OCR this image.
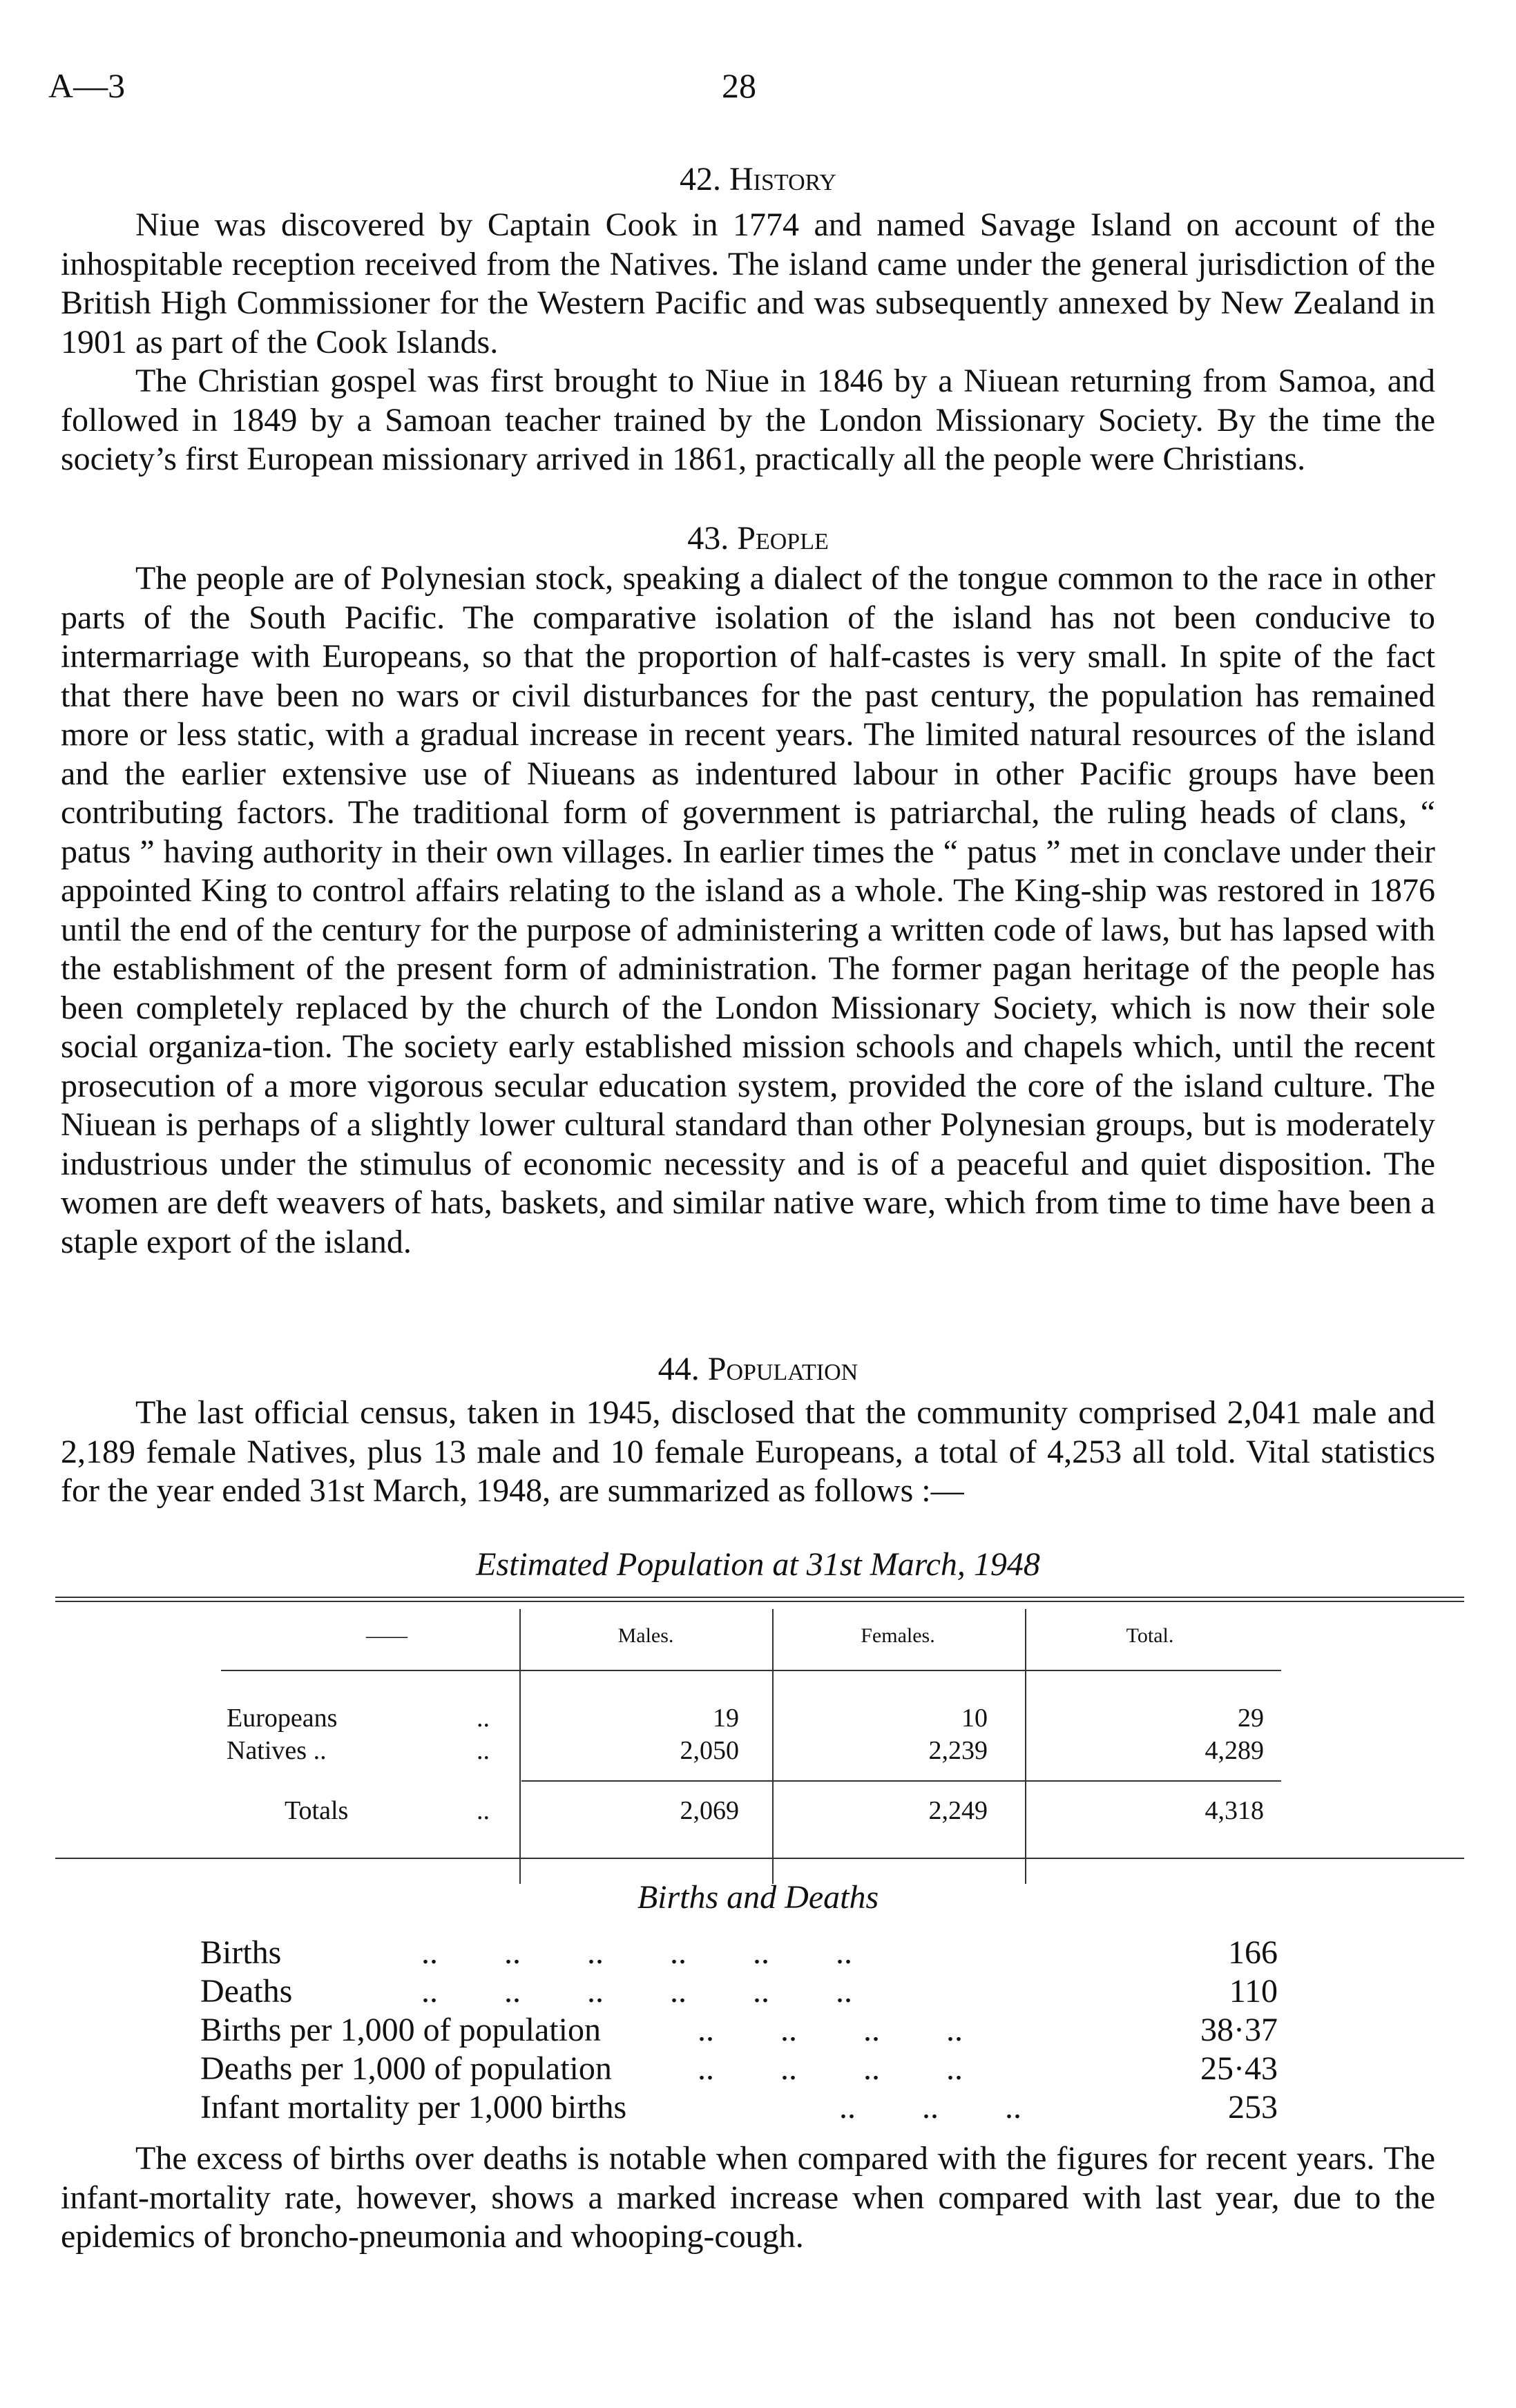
A—3	28
42. History

Niue was discovered by Captain Cook in 1774 and named Savage Island on account of the inhospitable reception received from the Natives. The island came under the general jurisdiction of the British High Commissioner for the Western Pacific and was subsequently annexed by New Zealand in 1901 as part of the Cook Islands.

The Christian gospel was first brought to Niue in 1846 by a Niuean returning from Samoa, and followed in 1849 by a Samoan teacher trained by the London Missionary Society. By the time the society’s first European missionary arrived in 1861, practically all the people were Christians.

43. People

The people are of Polynesian stock, speaking a dialect of the tongue common to the race in other parts of the South Pacific. The comparative isolation of the island has not been conducive to intermarriage with Europeans, so that the proportion of half-castes is very small. In spite of the fact that there have been no wars or civil disturbances for the past century, the population has remained more or less static, with a gradual increase in recent years. The limited natural resources of the island and the earlier extensive use of Niueans as indentured labour in other Pacific groups have been contributing factors. The traditional form of government is patriarchal, the ruling heads of clans, “ patus ” having authority in their own villages. In earlier times the “ patus ” met in conclave under their appointed King to control affairs relating to the island as a whole. The King-ship was restored in 1876 until the end of the century for the purpose of administering a written code of laws, but has lapsed with the establishment of the present form of administration. The former pagan heritage of the people has been completely replaced by the church of the London Missionary Society, which is now their sole social organiza-tion. The society early established mission schools and chapels which, until the recent prosecution of a more vigorous secular education system, provided the core of the island culture. The Niuean is perhaps of a slightly lower cultural standard than other Polynesian groups, but is moderately industrious under the stimulus of economic necessity and is of a peaceful and quiet disposition. The women are deft weavers of hats, baskets, and similar native ware, which from time to time have been a staple export of the island.

44. Population

The last official census, taken in 1945, disclosed that the community comprised 2,041 male and 2,189 female Natives, plus 13 male and 10 female Europeans, a total of 4,253 all told. Vital statistics for the year ended 31st March, 1948, are summarized as follows :—

Estimated Population at 31st March, 1948
——	Males.	Females.	Total.
Europeans	..	19	10	29
Natives ..	..	2,050	2,239	4,289
Totals	..	2,069	2,249	4,318
Births and Deaths
Births	..        ..        ..        ..        ..        ..	166
Deaths	..        ..        ..        ..        ..        ..	110
Births per 1,000 of population	..        ..        ..        ..	38·37
Deaths per 1,000 of population	..        ..        ..        ..	25·43
Infant mortality per 1,000 births	..        ..        ..	253

The excess of births over deaths is notable when compared with the figures for recent years. The infant-mortality rate, however, shows a marked increase when compared with last year, due to the epidemics of broncho-pneumonia and whooping-cough.
